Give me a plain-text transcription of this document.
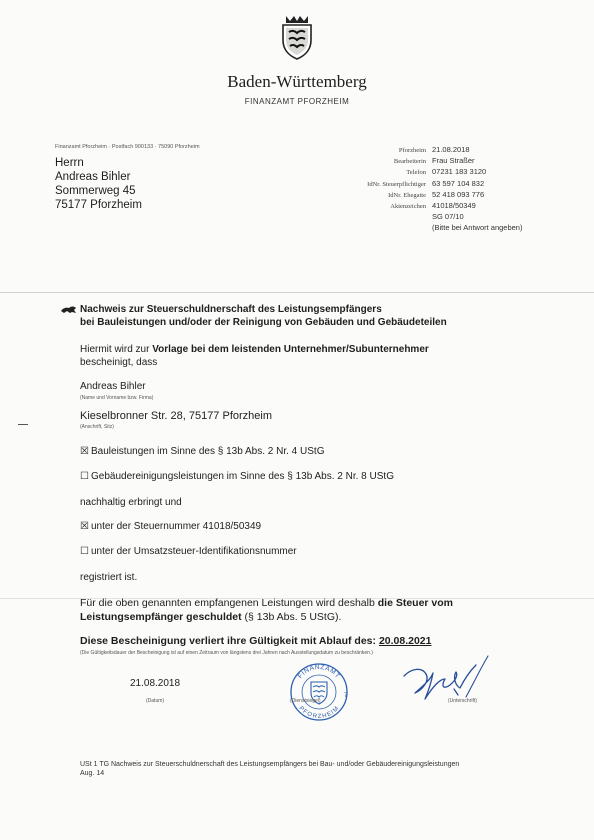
Baden-Württemberg
FINANZAMT PFORZHEIM
Finanzamt Pforzheim · Postfach 900133 · 75090 Pforzheim
Herrn
Andreas Bihler
Sommerweg 45
75177 Pforzheim
Pforzheim 21.08.2018
Bearbeiterin Frau Straßer
Telefon 07231 183 3120
IdNr. Steuerpflichtiger 63 597 104 832
IdNr. Ehegatte 52 418 093 776
Aktenzeichen 41018/50349
SG 07/10
(Bitte bei Antwort angeben)
Nachweis zur Steuerschuldnerschaft des Leistungsempfängers
bei Bauleistungen und/oder der Reinigung von Gebäuden und Gebäudeteilen
Hiermit wird zur Vorlage bei dem leistenden Unternehmer/Subunternehmer
bescheinigt, dass
Andreas Bihler
(Name und Vorname bzw. Firma)
Kieselbronner Str. 28, 75177 Pforzheim
(Anschrift, Sitz)
☒ Bauleistungen im Sinne des § 13b Abs. 2 Nr. 4 UStG
☐ Gebäudereinigungsleistungen im Sinne des § 13b Abs. 2 Nr. 8 UStG
nachhaltig erbringt und
☒ unter der Steuernummer 41018/50349
☐ unter der Umsatzsteuer-Identifikationsnummer
registriert ist.
Für die oben genannten empfangenen Leistungen wird deshalb die Steuer vom
Leistungsempfänger geschuldet (§ 13b Abs. 5 UStG).
Diese Bescheinigung verliert ihre Gültigkeit mit Ablauf des: 20.08.2021
(Die Gültigkeitsdauer der Bescheinigung ist auf einen Zeitraum von längstens drei Jahren nach Ausstellungsdatum zu beschränken.)
21.08.2018
(Datum)
FINANZAMT
PFORZHEIM
7
(Dienstsiegel)	(Unterschrift)
USt 1 TG Nachweis zur Steuerschuldnerschaft des Leistungsempfängers bei Bau- und/oder Gebäudereinigungsleistungen
Aug. 14
